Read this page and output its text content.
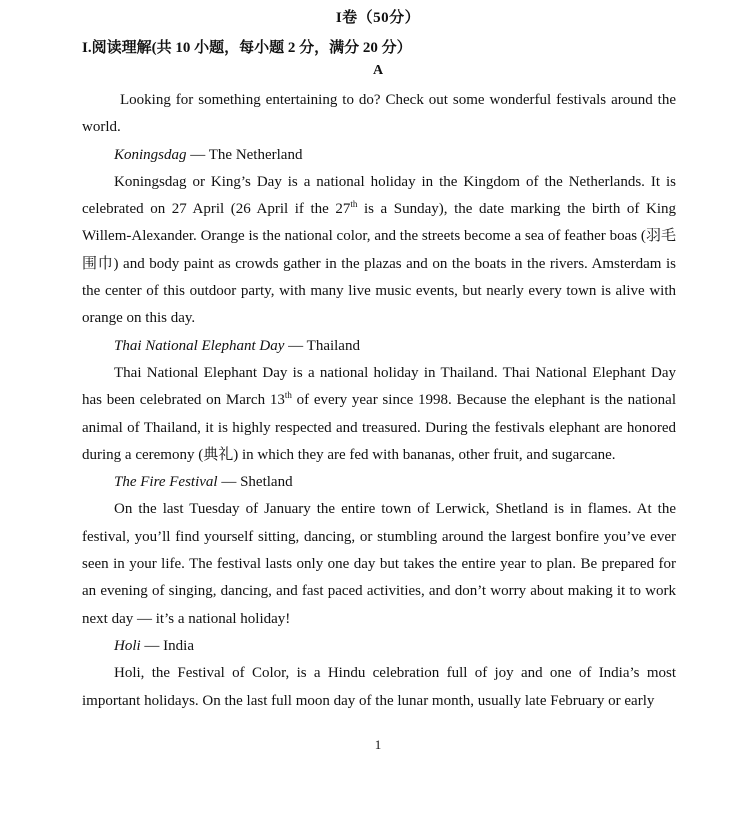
I卷（50分）
I.阅读理解(共 10 小题，每小题 2 分，满分 20 分）
A

Looking for something entertaining to do? Check out some wonderful festivals around the world.

Koningsdag — The Netherland

Koningsdag or King’s Day is a national holiday in the Kingdom of the Netherlands. It is celebrated on 27 April (26 April if the 27th is a Sunday), the date marking the birth of King Willem-Alexander. Orange is the national color, and the streets become a sea of feather boas (羽毛围巾) and body paint as crowds gather in the plazas and on the boats in the rivers. Amsterdam is the center of this outdoor party, with many live music events, but nearly every town is alive with orange on this day.

Thai National Elephant Day — Thailand

Thai National Elephant Day is a national holiday in Thailand. Thai National Elephant Day has been celebrated on March 13th of every year since 1998. Because the elephant is the national animal of Thailand, it is highly respected and treasured. During the festivals elephant are honored during a ceremony (典礼) in which they are fed with bananas, other fruit, and sugarcane.

The Fire Festival — Shetland

On the last Tuesday of January the entire town of Lerwick, Shetland is in flames. At the festival, you’ll find yourself sitting, dancing, or stumbling around the largest bonfire you’ve ever seen in your life. The festival lasts only one day but takes the entire year to plan. Be prepared for an evening of singing, dancing, and fast paced activities, and don’t worry about making it to work next day — it’s a national holiday!

Holi — India

Holi, the Festival of Color, is a Hindu celebration full of joy and one of India’s most important holidays. On the last full moon day of the lunar month, usually late February or early

1
